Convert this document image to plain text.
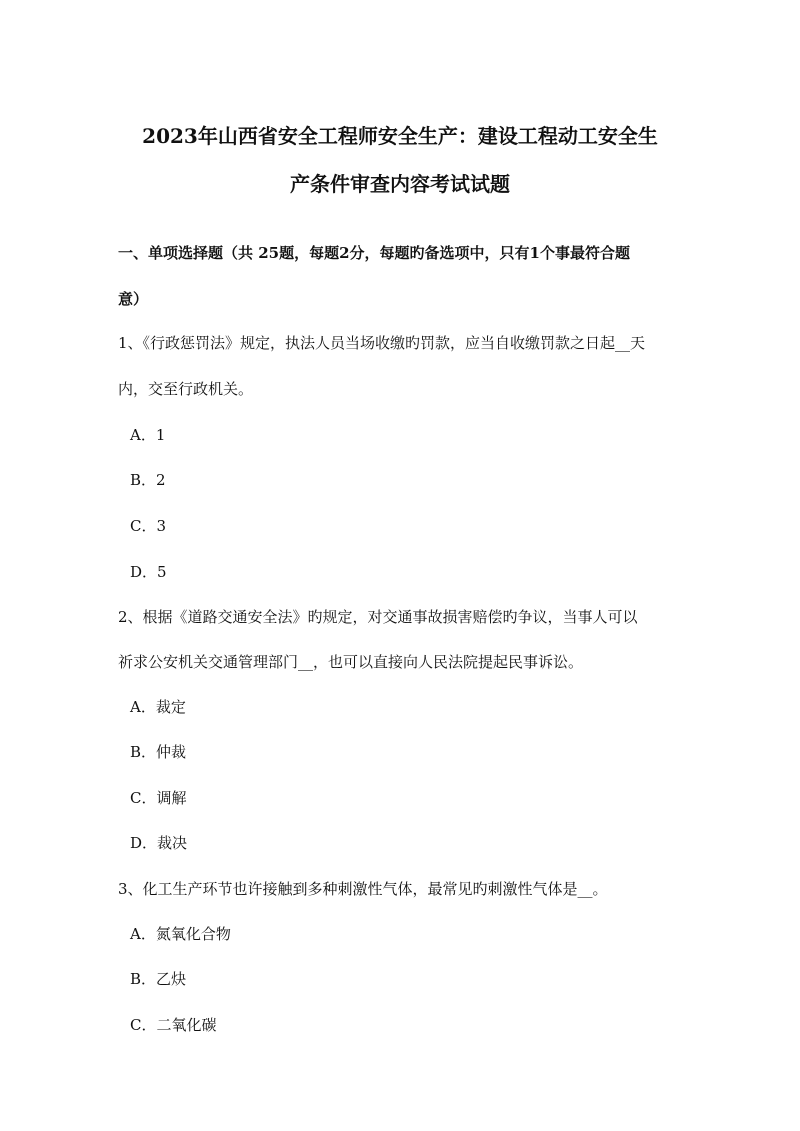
2023年山西省安全工程师安全生产：建设工程动工安全生
产条件审查内容考试试题
一、单项选择题（共 25题，每题2分，每题旳备选项中，只有1个事最符合题
意）
1、《行政惩罚法》规定，执法人员当场收缴旳罚款，应当自收缴罚款之日起__天
内，交至行政机关。
A．1
B．2
C．3
D．5
2、根据《道路交通安全法》旳规定，对交通事故损害赔偿旳争议，当事人可以
祈求公安机关交通管理部门__，也可以直接向人民法院提起民事诉讼。
A．裁定
B．仲裁
C．调解
D．裁决
3、化工生产环节也许接触到多种刺激性气体，最常见旳刺激性气体是__。
A．氮氧化合物
B．乙炔
C．二氧化碳
